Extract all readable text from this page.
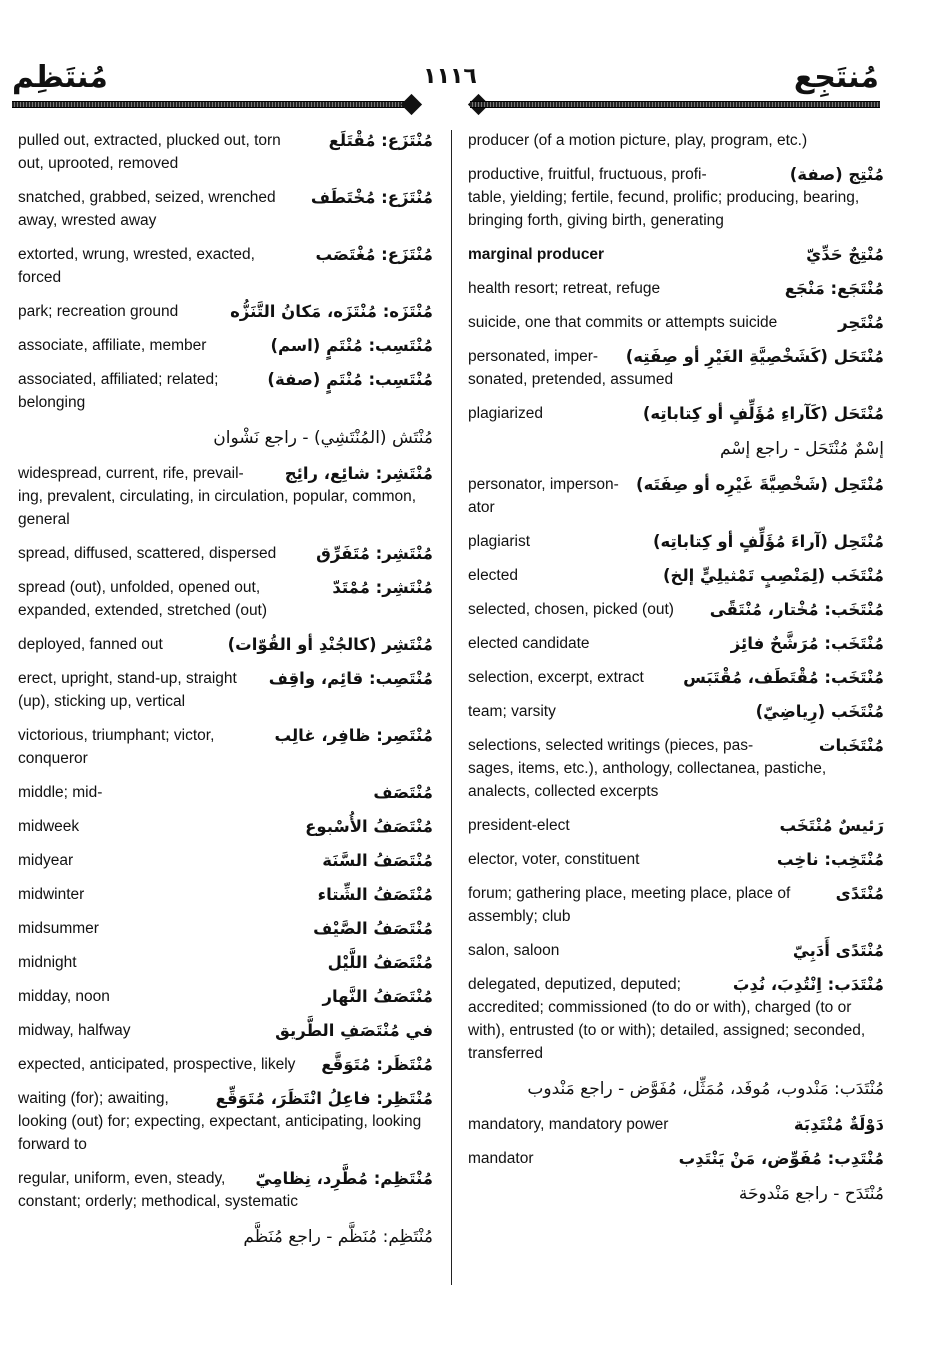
مُنتَظِم	١١١٦	مُنتَجِع
pulled out, extracted, plucked out, torn	مُنْتَزَع: مُقْتَلَع
out, uprooted, removed
snatched, grabbed, seized, wrenched	مُنْتَزَع: مُخْتَطَف
away, wrested away
extorted, wrung, wrested, exacted,	مُنْتَزَع: مُغْتَصَب
forced
park; recreation ground	مُنْتَزَه: مُنْتَزَه، مَكانُ التَّنَزُّه
associate, affiliate, member	مُنْتَسِب: مُنْتَمٍ (اسم)
associated, affiliated; related;	مُنْتَسِب: مُنْتَمٍ (صفة)
belonging
مُنْتَش (المُنْتَشِي) - راجع نَشْوان
widespread, current, rife, prevail-	مُنْتَشِر: شائِع، رائِج
ing, prevalent, circulating, in circulation, popular, common, general
spread, diffused, scattered, dispersed	مُنْتَشِر: مُتَفَرِّق
spread (out), unfolded, opened out,	مُنْتَشِر: مُمْتَدّ
expanded, extended, stretched (out)
deployed, fanned out	مُنْتَشِر (كالجُنْدِ أو القُوّات)
erect, upright, stand-up, straight	مُنْتَصِب: قائِم، واقِف
(up), sticking up, vertical
victorious, triumphant; victor,	مُنْتَصِر: ظافِر، غالِب
conqueror
middle; mid-	مُنْتَصَف
midweek	مُنْتَصَفُ الأُسْبوع
midyear	مُنْتَصَفُ السَّنَة
midwinter	مُنْتَصَفُ الشِّتاء
midsummer	مُنْتَصَفُ الصَّيْف
midnight	مُنْتَصَفُ اللَّيْل
midday, noon	مُنْتَصَفُ النَّهار
midway, halfway	في مُنْتَصَفِ الطَّريق
expected, anticipated, prospective, likely	مُنْتَظَر: مُتَوَقَّع
waiting (for); awaiting,	مُنْتَظِر: فاعِلُ انْتَظَرَ، مُتَوَقِّع
looking (out) for; expecting, expectant, anticipating, looking forward to
regular, uniform, even, steady,	مُنْتَظِم: مُطَّرِد، نِظامِيّ
constant; orderly; methodical, systematic
مُنْتَظِم: مُنَظَّم - راجع مُنَظَّم
producer (of a motion picture, play, program, etc.)
productive, fruitful, fructuous, profi-	مُنْتِج (صفة)
table, yielding; fertile, fecund, prolific; producing, bearing, bringing forth, giving birth, generating
marginal producer	مُنْتِجٌ حَدِّيّ
health resort; retreat, refuge	مُنْتَجَع: مَنْجَع
suicide, one that commits or attempts suicide	مُنْتَحِر
personated, imper-	مُنْتَحَل (كَشَخْصِيَّةِ الغَيْرِ أو صِفَتِه)
sonated, pretended, assumed
plagiarized	مُنْتَحَل (كَآراءِ مُؤَلِّفٍ أو كِتاباتِه)
إسْمٌ مُنْتَحَل - راجع إسْم
personator, imperson-	مُنْتَحِل (شَخْصِيَّةَ غَيْرِه أو صِفَتَه)
ator
plagiarist	مُنْتَحِل (آراءَ مُؤَلِّفٍ أو كِتاباتِه)
elected	مُنْتَخَب (لِمَنْصِبٍ تَمْثيلِيٍّ إلخ)
selected, chosen, picked (out)	مُنْتَخَب: مُخْتار، مُنْتَقًى
elected candidate	مُنْتَخَب: مُرَشَّحٌ فائِز
selection, excerpt, extract	مُنْتَخَب: مُقْتَطَف، مُقْتَبَس
team; varsity	مُنْتَخَب (رِياضِيّ)
selections, selected writings (pieces, pas-	مُنْتَخَبات
sages, items, etc.), anthology, collectanea, pastiche, analects, collected excerpts
president-elect	رَئيسٌ مُنْتَخَب
elector, voter, constituent	مُنْتَخِب: ناخِب
forum; gathering place, meeting place, place of	مُنْتَدًى
assembly; club
salon, saloon	مُنْتَدًى أَدَبِيّ
delegated, deputized, deputed;	مُنْتَدَب: اِنْتُدِبَ، نُدِبَ
accredited; commissioned (to do or with), charged (to or with), entrusted (to or with); detailed, assigned; seconded, transferred
مُنْتَدَب: مَنْدوب، مُوفَد، مُمَثِّل، مُفَوَّض - راجع مَنْدوب
mandatory, mandatory power	دَوْلَةٌ مُنْتَدِبَة
mandator	مُنْتَدِب: مُفَوِّض، مَنْ يَنْتَدِب
مُنْتَدَح - راجع مَنْدوحَة
